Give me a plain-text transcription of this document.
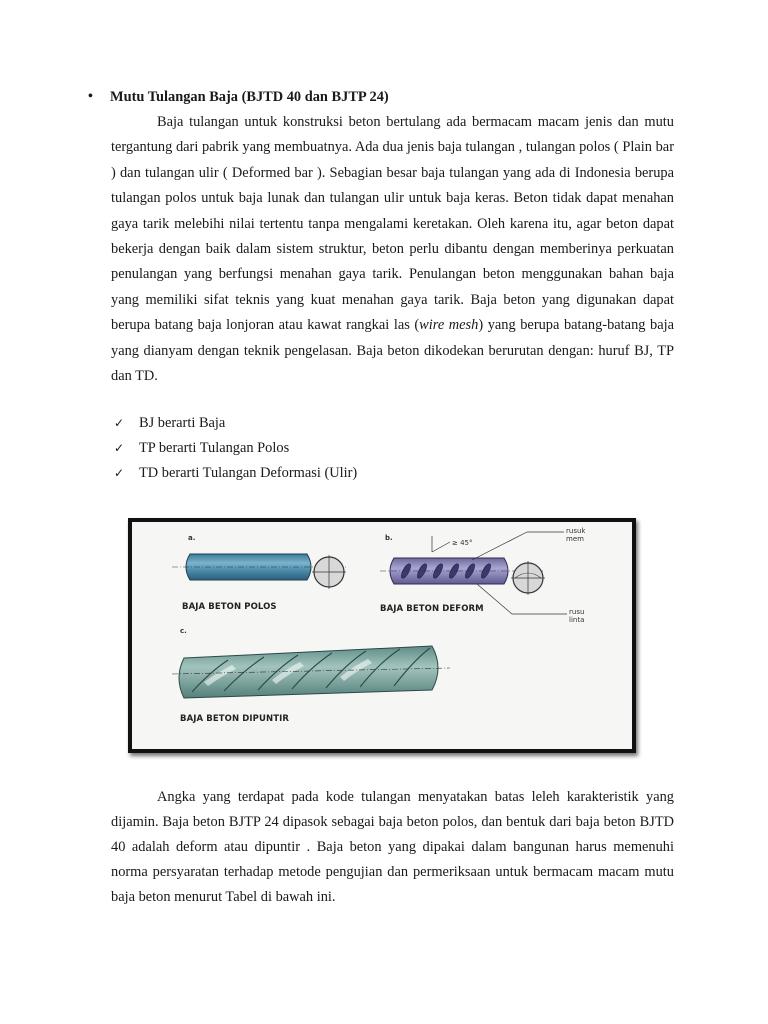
• Mutu Tulangan Baja (BJTD 40 dan BJTP 24)

Baja tulangan untuk konstruksi beton bertulang ada bermacam macam jenis dan mutu tergantung dari pabrik yang membuatnya. Ada dua jenis baja tulangan , tulangan polos ( Plain bar ) dan tulangan ulir ( Deformed bar ). Sebagian besar baja tulangan yang ada di Indonesia berupa tulangan polos untuk baja lunak dan tulangan ulir untuk baja keras. Beton tidak dapat menahan gaya tarik melebihi nilai tertentu tanpa mengalami keretakan. Oleh karena itu, agar beton dapat bekerja dengan baik dalam sistem struktur, beton perlu dibantu dengan memberinya perkuatan penulangan yang berfungsi menahan gaya tarik. Penulangan beton menggunakan bahan baja yang memiliki sifat teknis yang kuat menahan gaya tarik. Baja beton yang digunakan dapat berupa batang baja lonjoran atau kawat rangkai las (wire mesh) yang berupa batang-batang baja yang dianyam dengan teknik pengelasan. Baja beton dikodekan berurutan dengan: huruf BJ, TP dan TD.

✓ BJ berarti Baja
✓ TP berarti Tulangan Polos
✓ TD berarti Tulangan Deformasi (Ulir)
a.	b.
c.
BAJA BETON POLOS	BAJA BETON DEFORM
BAJA BETON DIPUNTIR
≥ 45°
rusuk
mem
rusu
linta

Angka yang terdapat pada kode tulangan menyatakan batas leleh karakteristik yang dijamin. Baja beton BJTP 24 dipasok sebagai baja beton polos, dan bentuk dari baja beton BJTD 40 adalah deform atau dipuntir . Baja beton yang dipakai dalam bangunan harus memenuhi norma persyaratan terhadap metode pengujian dan permeriksaan untuk bermacam macam mutu baja beton menurut Tabel di bawah ini.
